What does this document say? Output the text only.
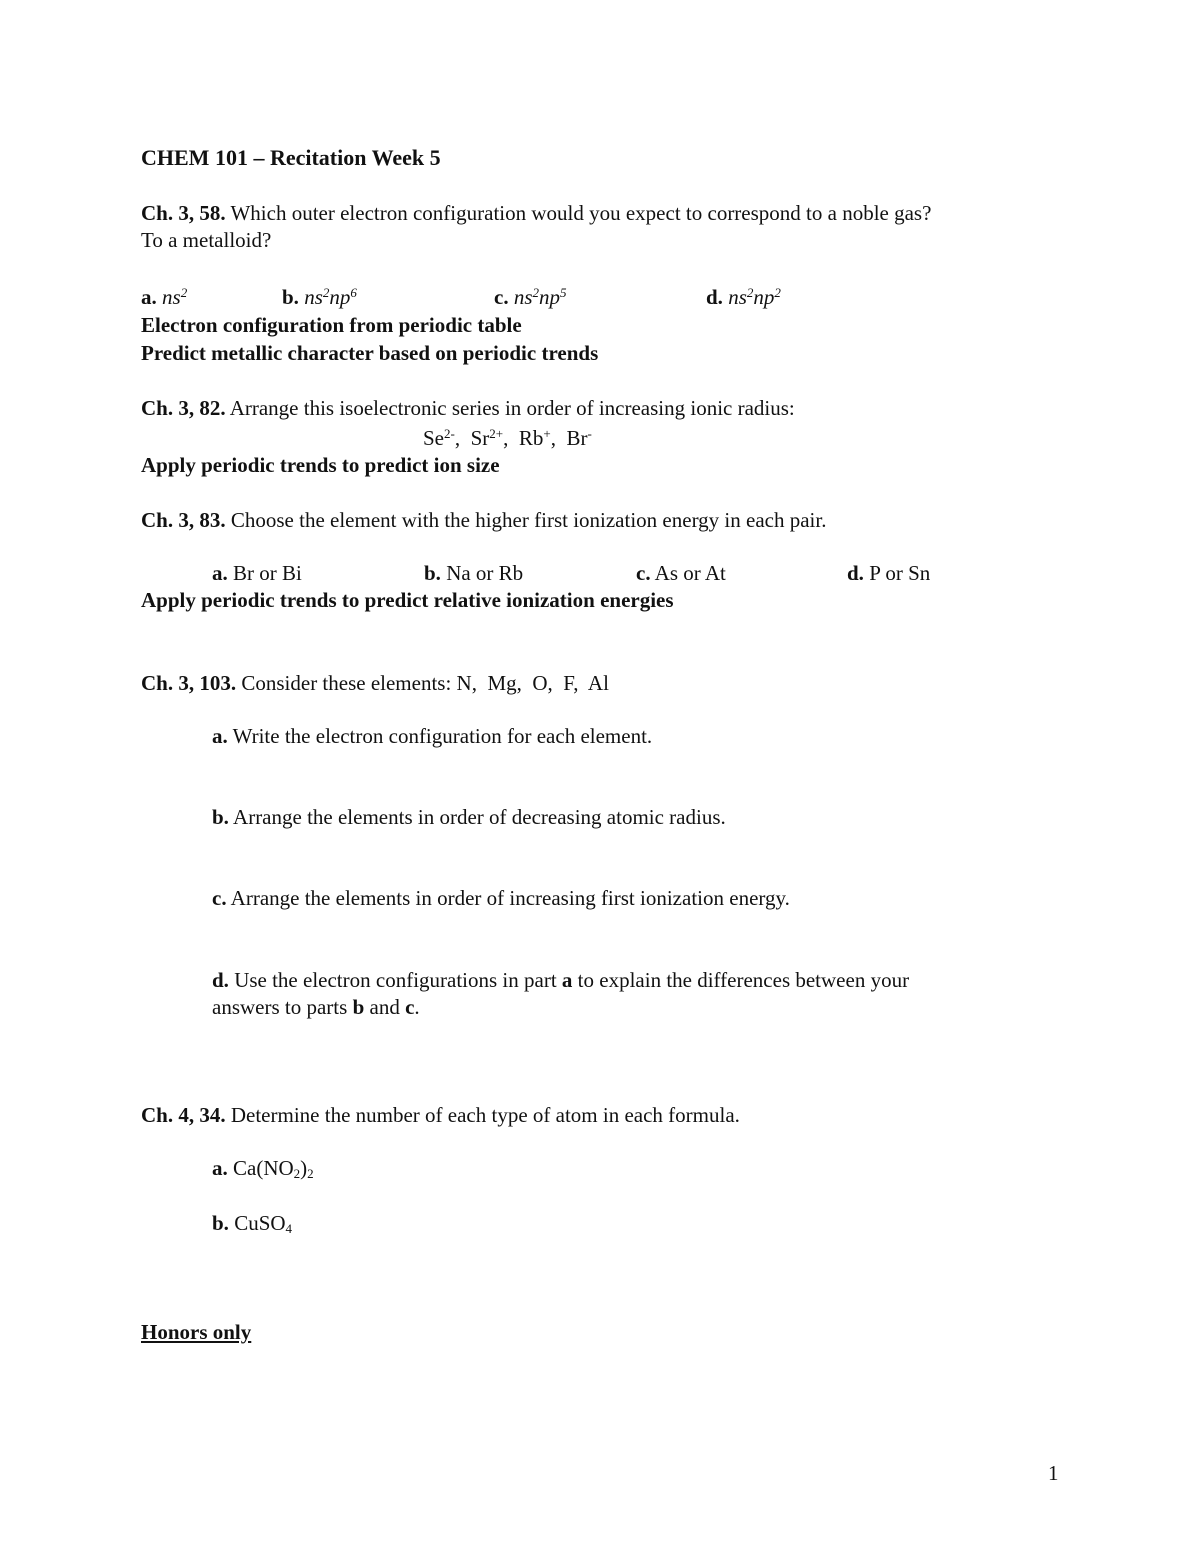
CHEM 101 – Recitation Week 5
Ch. 3, 58. Which outer electron configuration would you expect to correspond to a noble gas?
To a metalloid?
a. $ns^2$	b. $ns^2np^6$	c. $ns^2np^5$	d. $ns^2np^2$
Electron configuration from periodic table
Predict metallic character based on periodic trends
Ch. 3, 82. Arrange this isoelectronic series in order of increasing ionic radius:
$Se^{2-}$,  $Sr^{2+}$,  Rb+,  Br-
Apply periodic trends to predict ion size
Ch. 3, 83. Choose the element with the higher first ionization energy in each pair.
a. Br or Bi	b. Na or Rb	c. As or At	d. P or Sn
Apply periodic trends to predict relative ionization energies
Ch. 3, 103. Consider these elements: N,  Mg,  O,  F,  Al
a. Write the electron configuration for each element.
b. Arrange the elements in order of decreasing atomic radius.
c. Arrange the elements in order of increasing first ionization energy.
d. Use the electron configurations in part a to explain the differences between your
answers to parts b and c.
Ch. 4, 34. Determine the number of each type of atom in each formula.
a. $Ca(NO_2)_2$
b. CuSO$_4$
Honors only
1
